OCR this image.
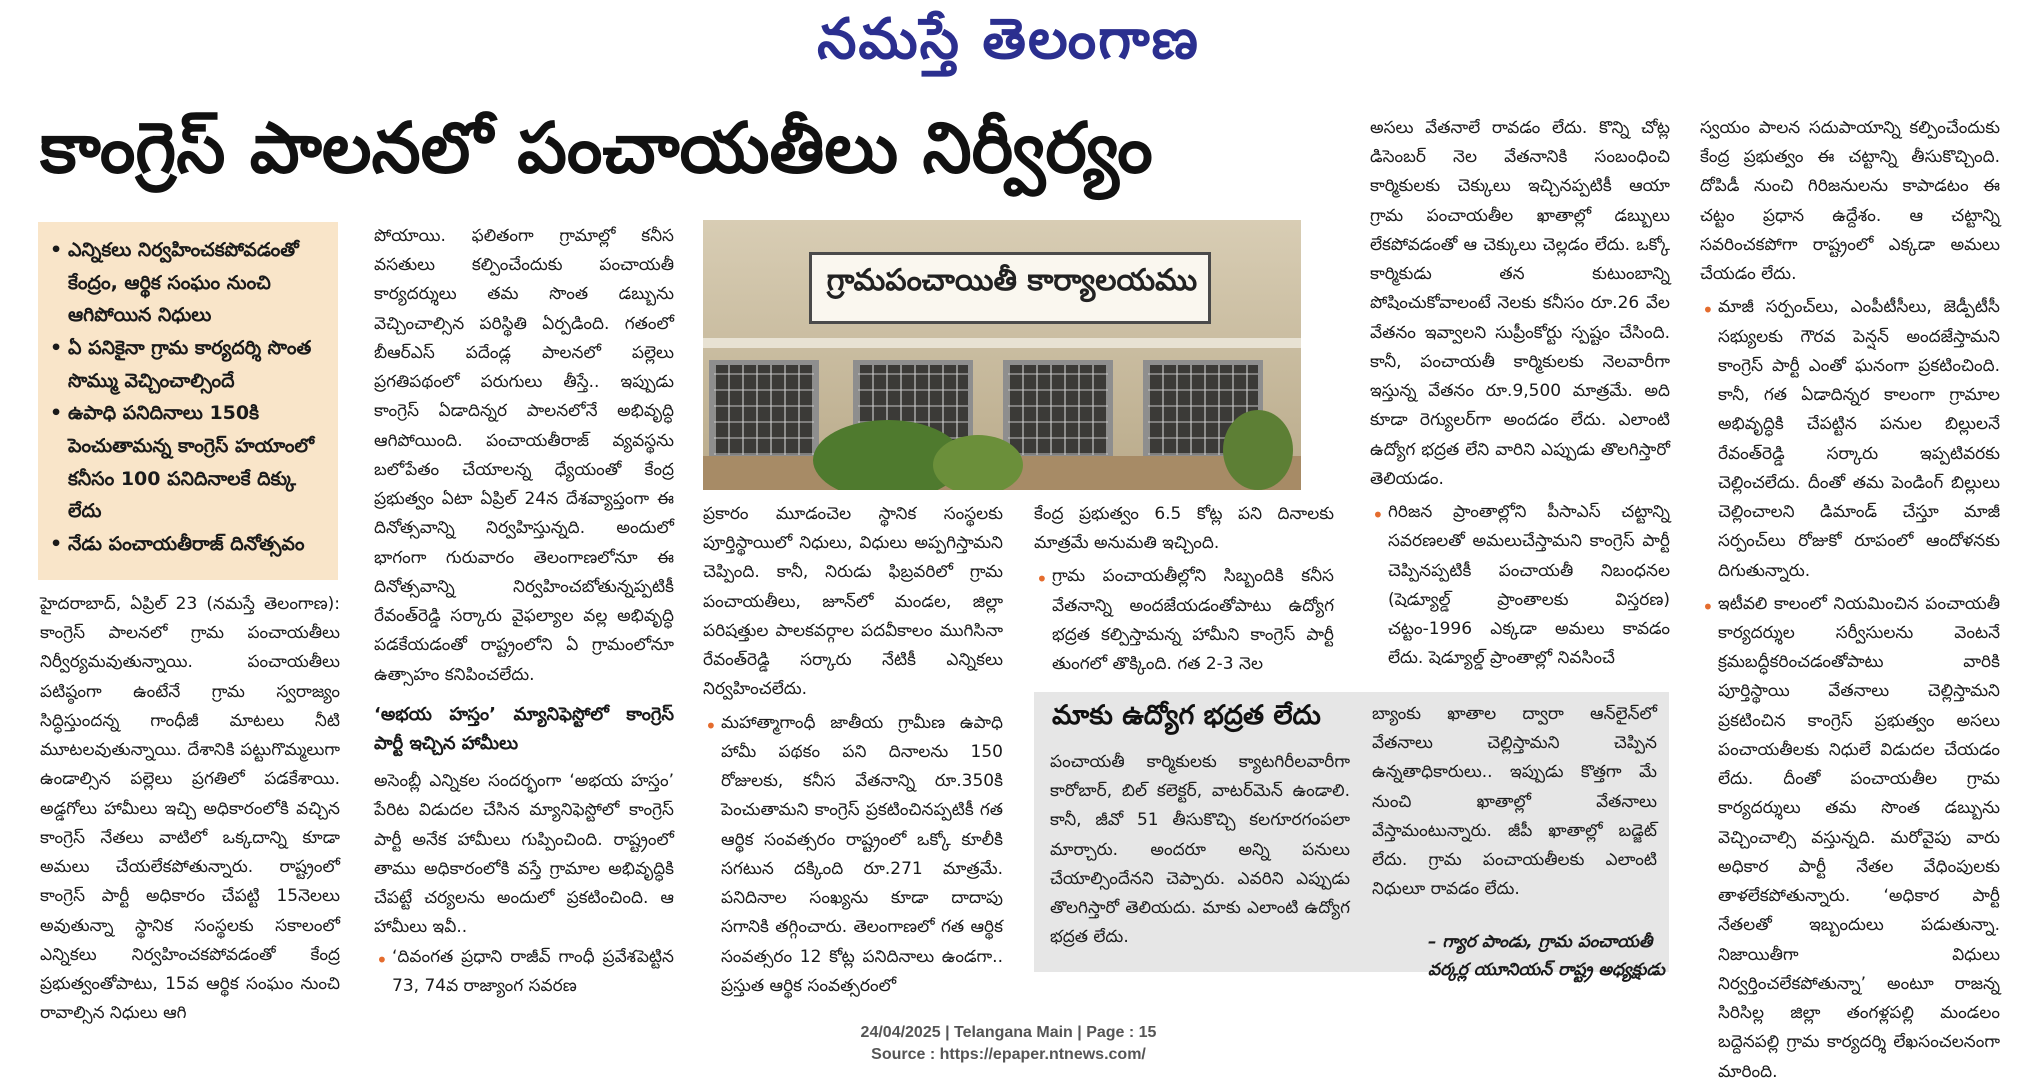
నమస్తే తెలంగాణ
కాంగ్రెస్ పాలనలో పంచాయతీలు నిర్వీర్యం
• ఎన్నికలు నిర్వహించకపోవడంతో కేంద్రం, ఆర్థిక సంఘం నుంచి ఆగిపోయిన నిధులు
• ఏ పనికైనా గ్రామ కార్యదర్శి సొంత సొమ్ము వెచ్చించాల్సిందే
• ఉపాధి పనిదినాలు 150కి పెంచుతామన్న కాంగ్రెస్ హయాంలో కనీసం 100 పనిదినాలకే దిక్కు లేదు
• నేడు పంచాయతీరాజ్ దినోత్సవం

హైదరాబాద్, ఏప్రిల్ 23 (నమస్తే తెలంగాణ): కాంగ్రెస్ పాలనలో గ్రామ పంచాయతీలు నిర్వీర్యమవుతున్నాయి. పంచాయతీలు పటిష్ఠంగా ఉంటేనే గ్రామ స్వరాజ్యం సిద్ధిస్తుందన్న గాంధీజీ మాటలు నీటి మూటలవుతున్నాయి. దేశానికి పట్టుగొమ్మలుగా ఉండాల్సిన పల్లెలు ప్రగతిలో పడకేశాయి. అడ్డగోలు హామీలు ఇచ్చి అధికారంలోకి వచ్చిన కాంగ్రెస్ నేతలు వాటిలో ఒక్కదాన్ని కూడా అమలు చేయలేకపోతున్నారు. రాష్ట్రంలో కాంగ్రెస్ పార్టీ అధికారం చేపట్టి 15నెలలు అవుతున్నా స్థానిక సంస్థలకు సకాలంలో ఎన్నికలు నిర్వహించకపోవడంతో కేంద్ర ప్రభుత్వంతోపాటు, 15వ ఆర్థిక సంఘం నుంచి రావాల్సిన నిధులు ఆగి

పోయాయి. ఫలితంగా గ్రామాల్లో కనీస వసతులు కల్పించేందుకు పంచాయతీ కార్యదర్శులు తమ సొంత డబ్బును వెచ్చించాల్సిన పరిస్థితి ఏర్పడింది. గతంలో బీఆర్ఎస్ పదేండ్ల పాలనలో పల్లెలు ప్రగతిపథంలో పరుగులు తీస్తే.. ఇప్పుడు కాంగ్రెస్ ఏడాదిన్నర పాలనలోనే అభివృద్ధి ఆగిపోయింది. పంచాయతీరాజ్ వ్యవస్థను బలోపేతం చేయాలన్న ధ్యేయంతో కేంద్ర ప్రభుత్వం ఏటా ఏప్రిల్ 24న దేశవ్యాప్తంగా ఈ దినోత్సవాన్ని నిర్వహిస్తున్నది. అందులో భాగంగా గురువారం తెలంగాణలోనూ ఈ దినోత్సవాన్ని నిర్వహించబోతున్నప్పటికీ రేవంత్‌రెడ్డి సర్కారు వైఫల్యాల వల్ల అభివృద్ధి పడకేయడంతో రాష్ట్రంలోని ఏ గ్రామంలోనూ ఉత్సాహం కనిపించలేదు.

‘అభయ హస్తం’ మ్యానిఫెస్టోలో కాంగ్రెస్ పార్టీ ఇచ్చిన హామీలు

అసెంబ్లీ ఎన్నికల సందర్భంగా ‘అభయ హస్తం’ పేరిట విడుదల చేసిన మ్యానిఫెస్టోలో కాంగ్రెస్ పార్టీ అనేక హామీలు గుప్పించింది. రాష్ట్రంలో తాము అధికారంలోకి వస్తే గ్రామాల అభివృద్ధికి చేపట్టే చర్యలను అందులో ప్రకటించింది. ఆ హామీలు ఇవీ..

• ‘దివంగత ప్రధాని రాజీవ్ గాంధీ ప్రవేశపెట్టిన 73, 74వ రాజ్యాంగ సవరణ

గ్రామపంచాయితీ కార్యాలయము

ప్రకారం మూడంచెల స్థానిక సంస్థలకు పూర్తిస్థాయిలో నిధులు, విధులు అప్పగిస్తామని చెప్పింది. కానీ, నిరుడు ఫిబ్రవరిలో గ్రామ పంచాయతీలు, జూన్‌లో మండల, జిల్లా పరిషత్తుల పాలకవర్గాల పదవీకాలం ముగిసినా రేవంత్‌రెడ్డి సర్కారు నేటికీ ఎన్నికలు నిర్వహించలేదు.

• మహాత్మాగాంధీ జాతీయ గ్రామీణ ఉపాధి హామీ పథకం పని దినాలను 150 రోజులకు, కనీస వేతనాన్ని రూ.350కి పెంచుతామని కాంగ్రెస్ ప్రకటించినప్పటికీ గత ఆర్థిక సంవత్సరం రాష్ట్రంలో ఒక్కో కూలీకి సగటున దక్కింది రూ.271 మాత్రమే. పనిదినాల సంఖ్యను కూడా దాదాపు సగానికి తగ్గించారు. తెలంగాణలో గత ఆర్థిక సంవత్సరం 12 కోట్ల పనిదినాలు ఉండగా.. ప్రస్తుత ఆర్థిక సంవత్సరంలో

కేంద్ర ప్రభుత్వం 6.5 కోట్ల పని దినాలకు మాత్రమే అనుమతి ఇచ్చింది.

• గ్రామ పంచాయతీల్లోని సిబ్బందికి కనీస వేతనాన్ని అందజేయడంతోపాటు ఉద్యోగ భద్రత కల్పిస్తామన్న హామీని కాంగ్రెస్ పార్టీ తుంగలో తొక్కింది. గత 2-3 నెల

అసలు వేతనాలే రావడం లేదు. కొన్ని చోట్ల డిసెంబర్ నెల వేతనానికి సంబంధించి కార్మికులకు చెక్కులు ఇచ్చినప్పటికీ ఆయా గ్రామ పంచాయతీల ఖాతాల్లో డబ్బులు లేకపోవడంతో ఆ చెక్కులు చెల్లడం లేదు. ఒక్కో కార్మికుడు తన కుటుంబాన్ని పోషించుకోవాలంటే నెలకు కనీసం రూ.26 వేల వేతనం ఇవ్వాలని సుప్రీంకోర్టు స్పష్టం చేసింది. కానీ, పంచాయతీ కార్మికులకు నెలవారీగా ఇస్తున్న వేతనం రూ.9,500 మాత్రమే. అది కూడా రెగ్యులర్‌గా అందడం లేదు. ఎలాంటి ఉద్యోగ భద్రత లేని వారిని ఎప్పుడు తొలగిస్తారో తెలియడం.

• గిరిజన ప్రాంతాల్లోని పీసాఎస్ చట్టాన్ని సవరణలతో అమలుచేస్తామని కాంగ్రెస్ పార్టీ చెప్పినప్పటికీ పంచాయతీ నిబంధనల (షెడ్యూల్డ్ ప్రాంతాలకు విస్తరణ) చట్టం-1996 ఎక్కడా అమలు కావడం లేదు. షెడ్యూల్డ్ ప్రాంతాల్లో నివసించే

స్వయం పాలన సదుపాయాన్ని కల్పించేందుకు కేంద్ర ప్రభుత్వం ఈ చట్టాన్ని తీసుకొచ్చింది. దోపిడీ నుంచి గిరిజనులను కాపాడటం ఈ చట్టం ప్రధాన ఉద్దేశం. ఆ చట్టాన్ని సవరించకపోగా రాష్ట్రంలో ఎక్కడా అమలు చేయడం లేదు.

• మాజీ సర్పంచ్‌లు, ఎంపీటీసీలు, జెడ్పీటీసీ సభ్యులకు గౌరవ పెన్షన్ అందజేస్తామని కాంగ్రెస్ పార్టీ ఎంతో ఘనంగా ప్రకటించింది. కానీ, గత ఏడాదిన్నర కాలంగా గ్రామాల అభివృద్ధికి చేపట్టిన పనుల బిల్లులనే రేవంత్‌రెడ్డి సర్కారు ఇప్పటివరకు చెల్లించలేదు. దీంతో తమ పెండింగ్ బిల్లులు చెల్లించాలని డిమాండ్ చేస్తూ మాజీ సర్పంచ్‌లు రోజుకో రూపంలో ఆందోళనకు దిగుతున్నారు.

• ఇటీవలి కాలంలో నియమించిన పంచాయతీ కార్యదర్శుల సర్వీసులను వెంటనే క్రమబద్ధీకరించడంతోపాటు వారికి పూర్తిస్థాయి వేతనాలు చెల్లిస్తామని ప్రకటించిన కాంగ్రెస్ ప్రభుత్వం అసలు పంచాయతీలకు నిధులే విడుదల చేయడం లేదు. దీంతో పంచాయతీల గ్రామ కార్యదర్శులు తమ సొంత డబ్బును వెచ్చించాల్సి వస్తున్నది. మరోవైపు వారు అధికార పార్టీ నేతల వేధింపులకు తాళలేకపోతున్నారు. ‘అధికార పార్టీ నేతలతో ఇబ్బందులు పడుతున్నా. నిజాయితీగా విధులు నిర్వర్తించలేకపోతున్నా’ అంటూ రాజన్న సిరిసిల్ల జిల్లా తంగళ్లపల్లి మండలం బద్దెనపల్లి గ్రామ కార్యదర్శి లేఖసంచలనంగా మారింది.

మాకు ఉద్యోగ భద్రత లేదు

పంచాయతీ కార్మికులకు క్యాటగిరీలవారీగా కారోబార్, బిల్ కలెక్టర్, వాటర్‌మెన్ ఉండాలి. కానీ, జీవో 51 తీసుకొచ్చి కలగూరగంపలా మార్చారు. అందరూ అన్ని పనులు చేయాల్సిందేనని చెప్పారు. ఎవరిని ఎప్పుడు తొలగిస్తారో తెలియదు. మాకు ఎలాంటి ఉద్యోగ భద్రత లేదు.

బ్యాంకు ఖాతాల ద్వారా ఆన్‌లైన్‌లో వేతనాలు చెల్లిస్తామని చెప్పిన ఉన్నతాధికారులు.. ఇప్పుడు కొత్తగా మే నుంచి ఖాతాల్లో వేతనాలు వేస్తామంటున్నారు. జీపీ ఖాతాల్లో బడ్జెట్ లేదు. గ్రామ పంచాయతీలకు ఎలాంటి నిధులూ రావడం లేదు.

– గ్యార పాండు, గ్రామ పంచాయతీ
వర్కర్ల యూనియన్ రాష్ట్ర అధ్యక్షుడు
24/04/2025 | Telangana Main | Page : 15
Source : https://epaper.ntnews.com/
